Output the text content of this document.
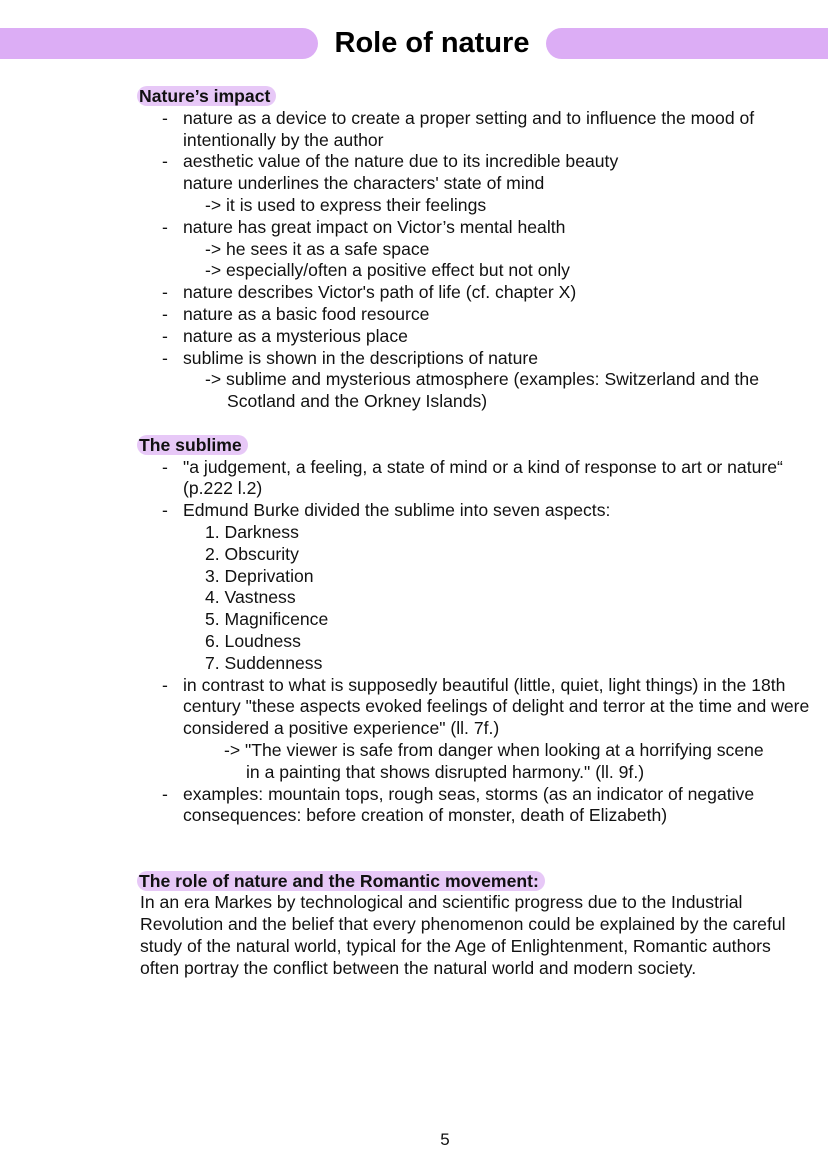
Role of nature
Nature’s impact
- nature as a device to create a proper setting and to influence the mood of intentionally by the author
- aesthetic value of the nature due to its incredible beauty
nature underlines the characters' state of mind
-> it is used to express their feelings
- nature has great impact on Victor’s mental health
-> he sees it as a safe space
-> especially/often a positive effect but not only
- nature describes Victor's path of life (cf. chapter X)
- nature as a basic food resource
- nature as a mysterious place
- sublime is shown in the descriptions of nature
-> sublime and mysterious atmosphere (examples: Switzerland and the Scotland and the Orkney Islands)
The sublime
- "a judgement, a feeling, a state of mind or a kind of response to art or nature“ (p.222 l.2)
- Edmund Burke divided the sublime into seven aspects:
1. Darkness
2. Obscurity
3. Deprivation
4. Vastness
5. Magnificence
6. Loudness
7. Suddenness
- in contrast to what is supposedly beautiful (little, quiet, light things) in the 18th century "these aspects evoked feelings of delight and terror at the time and were considered a positive experience" (ll. 7f.)
-> "The viewer is safe from danger when looking at a horrifying scene in a painting that shows disrupted harmony." (ll. 9f.)
- examples: mountain tops, rough seas, storms (as an indicator of negative consequences: before creation of monster, death of Elizabeth)
The role of nature and the Romantic movement:
In an era Markes by technological and scientific progress due to the Industrial Revolution and the belief that every phenomenon could be explained by the careful study of the natural world, typical for the Age of Enlightenment, Romantic authors often portray the conflict between the natural world and modern society.
5
